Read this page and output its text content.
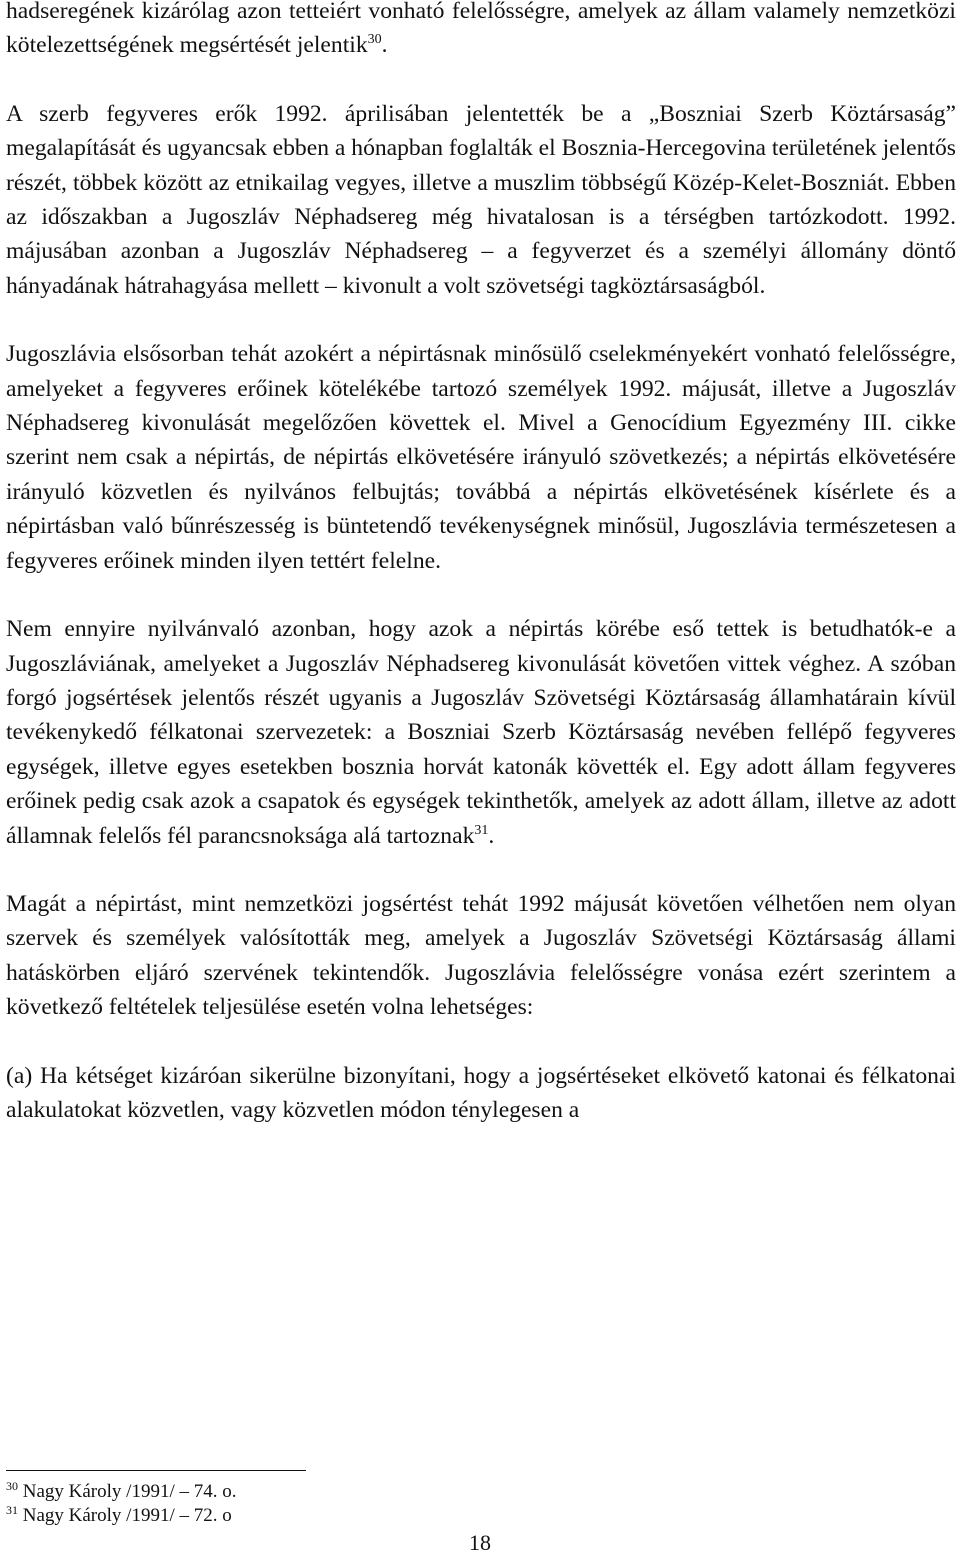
hadseregének kizárólag azon tetteiért vonható felelősségre, amelyek az állam valamely nemzetközi kötelezettségének megsértését jelentik$^{30}$.

A szerb fegyveres erők 1992. áprilisában jelentették be a „Boszniai Szerb Köztársaság” megalapítását és ugyancsak ebben a hónapban foglalták el Bosznia-Hercegovina területének jelentős részét, többek között az etnikailag vegyes, illetve a muszlim többségű Közép-Kelet-Boszniát. Ebben az időszakban a Jugoszláv Néphadsereg még hivatalosan is a térségben tartózkodott. 1992. májusában azonban a Jugoszláv Néphadsereg – a fegyverzet és a személyi állomány döntő hányadának hátrahagyása mellett – kivonult a volt szövetségi tagköztársaságból.

Jugoszlávia elsősorban tehát azokért a népirtásnak minősülő cselekményekért vonható felelősségre, amelyeket a fegyveres erőinek kötelékébe tartozó személyek 1992. májusát, illetve a Jugoszláv Néphadsereg kivonulását megelőzően követtek el. Mivel a Genocídium Egyezmény III. cikke szerint nem csak a népirtás, de népirtás elkövetésére irányuló szövetkezés; a népirtás elkövetésére irányuló közvetlen és nyilvános felbujtás; továbbá a népirtás elkövetésének kísérlete és a népirtásban való bűnrészesség is büntetendő tevékenységnek minősül, Jugoszlávia természetesen a fegyveres erőinek minden ilyen tettért felelne.

Nem ennyire nyilvánvaló azonban, hogy azok a népirtás körébe eső tettek is betudhatók-e a Jugoszláviának, amelyeket a Jugoszláv Néphadsereg kivonulását követően vittek véghez. A szóban forgó jogsértések jelentős részét ugyanis a Jugoszláv Szövetségi Köztársaság államhatárain kívül tevékenykedő félkatonai szervezetek: a Boszniai Szerb Köztársaság nevében fellépő fegyveres egységek, illetve egyes esetekben bosznia horvát katonák követték el. Egy adott állam fegyveres erőinek pedig csak azok a csapatok és egységek tekinthetők, amelyek az adott állam, illetve az adott államnak felelős fél parancsnoksága alá tartoznak$^{31}$.

Magát a népirtást, mint nemzetközi jogsértést tehát 1992 májusát követően vélhetően nem olyan szervek és személyek valósították meg, amelyek a Jugoszláv Szövetségi Köztársaság állami hatáskörben eljáró szervének tekintendők. Jugoszlávia felelősségre vonása ezért szerintem a következő feltételek teljesülése esetén volna lehetséges:

(a) Ha kétséget kizáróan sikerülne bizonyítani, hogy a jogsértéseket elkövető katonai és félkatonai alakulatokat közvetlen, vagy közvetlen módon ténylegesen a

$^{30}$ Nagy Károly /1991/ – 74. o.
$^{31}$ Nagy Károly /1991/ – 72. o
18
